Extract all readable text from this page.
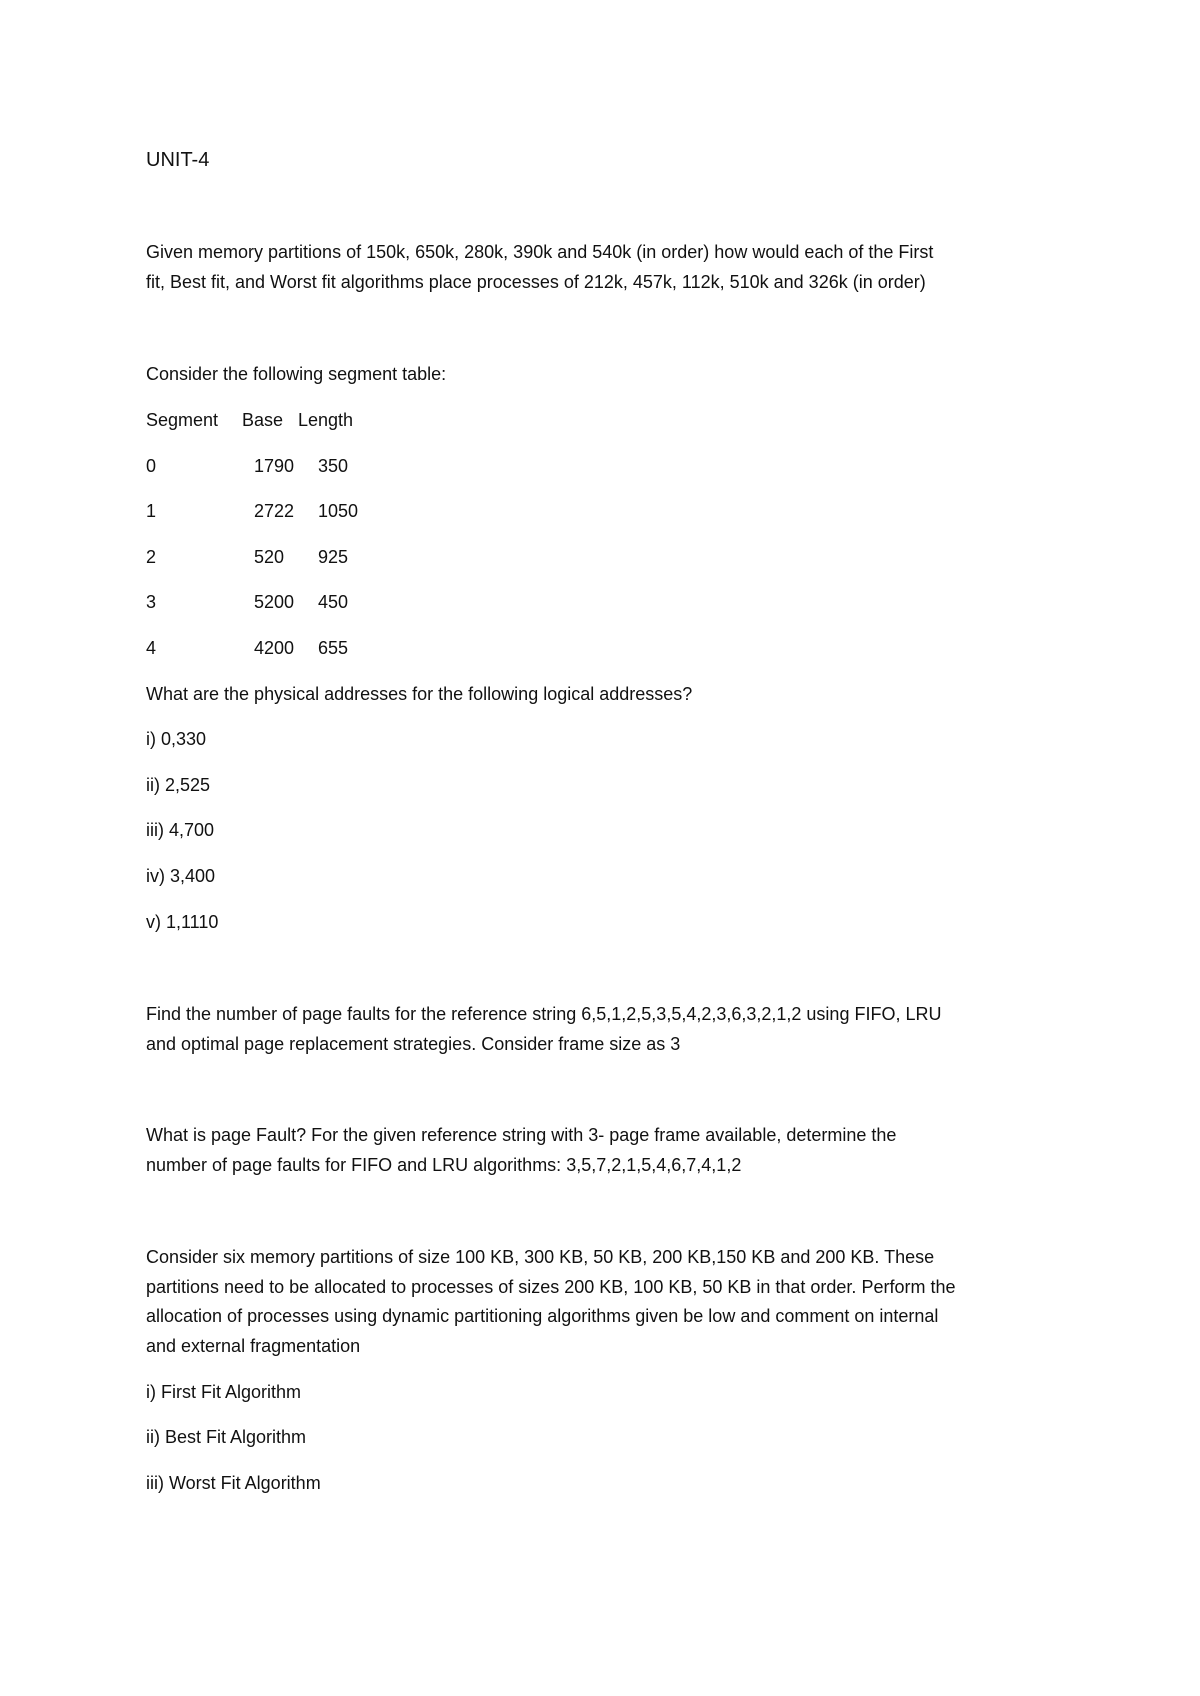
UNIT-4
Given memory partitions of 150k, 650k, 280k, 390k and 540k (in order) how would each of the First
fit, Best fit, and Worst fit algorithms place processes of 212k, 457k, 112k, 510k and 326k (in order)
Consider the following segment table:
Segment Base Length
0	1790 350
1	2722 1050
2	520 925
3	5200 450
4	4200 655
What are the physical addresses for the following logical addresses?
i) 0,330
ii) 2,525
iii) 4,700
iv) 3,400
v) 1,1110
Find the number of page faults for the reference string 6,5,1,2,5,3,5,4,2,3,6,3,2,1,2 using FIFO, LRU
and optimal page replacement strategies. Consider frame size as 3
What is page Fault? For the given reference string with 3- page frame available, determine the
number of page faults for FIFO and LRU algorithms: 3,5,7,2,1,5,4,6,7,4,1,2
Consider six memory partitions of size 100 KB, 300 KB, 50 KB, 200 KB,150 KB and 200 KB. These
partitions need to be allocated to processes of sizes 200 KB, 100 KB, 50 KB in that order. Perform the
allocation of processes using dynamic partitioning algorithms given be low and comment on internal
and external fragmentation
i) First Fit Algorithm
ii) Best Fit Algorithm
iii) Worst Fit Algorithm
